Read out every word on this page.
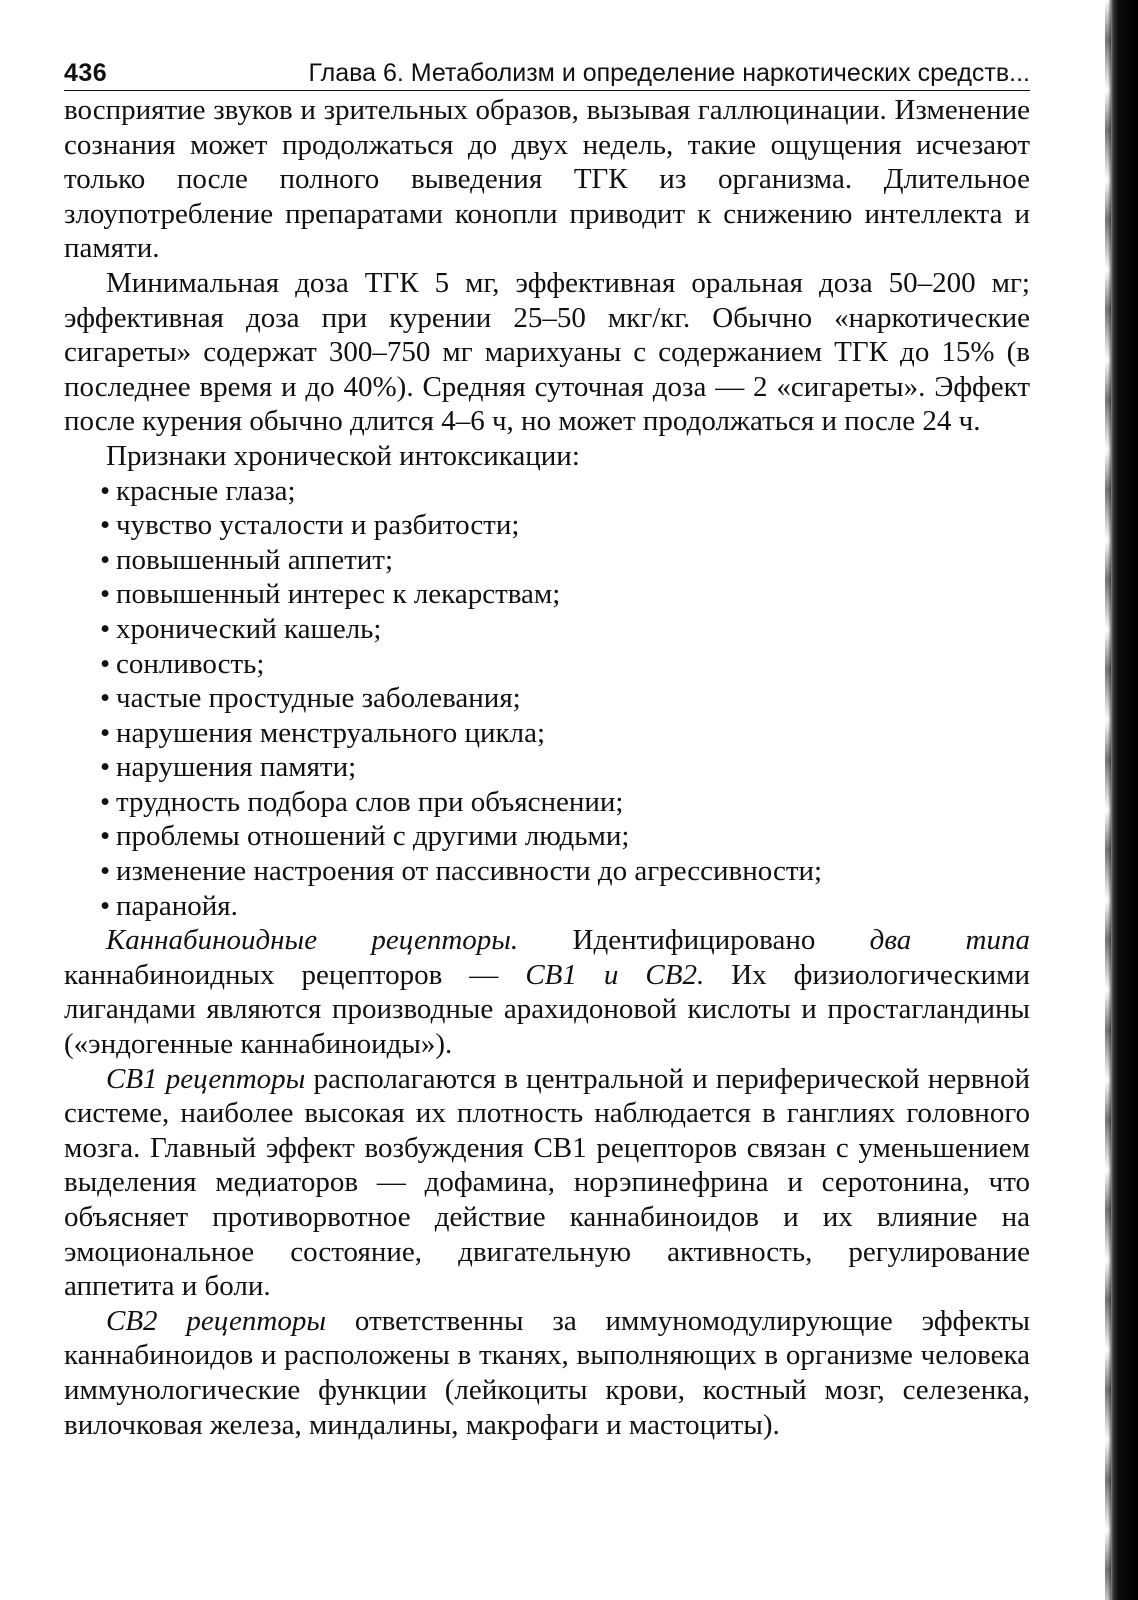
436	Глава 6. Метаболизм и определение наркотических средств...

восприятие звуков и зрительных образов, вызывая галлюцинации. Изменение сознания может продолжаться до двух недель, такие ощущения исчезают только после полного выведения ТГК из организма. Длительное злоупотребление препаратами конопли приводит к снижению интеллекта и памяти.

Минимальная доза ТГК 5 мг, эффективная оральная доза 50–200 мг; эффективная доза при курении 25–50 мкг/кг. Обычно «наркотические сигареты» содержат 300–750 мг марихуаны с содержанием ТГК до 15% (в последнее время и до 40%). Средняя суточная доза — 2 «сигареты». Эффект после курения обычно длится 4–6 ч, но может продолжаться и после 24 ч.

Признаки хронической интоксикации:

• красные глаза;
• чувство усталости и разбитости;
• повышенный аппетит;
• повышенный интерес к лекарствам;
• хронический кашель;
• сонливость;
• частые простудные заболевания;
• нарушения менструального цикла;
• нарушения памяти;
• трудность подбора слов при объяснении;
• проблемы отношений с другими людьми;
• изменение настроения от пассивности до агрессивности;
• паранойя.

Каннабиноидные рецепторы. Идентифицировано два типа каннабиноидных рецепторов — CB1 и CB2. Их физиологическими лигандами являются производные арахидоновой кислоты и простагландины («эндогенные каннабиноиды»).

CB1 рецепторы располагаются в центральной и периферической нервной системе, наиболее высокая их плотность наблюдается в ганглиях головного мозга. Главный эффект возбуждения CB1 рецепторов связан с уменьшением выделения медиаторов — дофамина, норэпинефрина и серотонина, что объясняет противорвотное действие каннабиноидов и их влияние на эмоциональное состояние, двигательную активность, регулирование аппетита и боли.

CB2 рецепторы ответственны за иммуномодулирующие эффекты каннабиноидов и расположены в тканях, выполняющих в организме человека иммунологические функции (лейкоциты крови, костный мозг, селезенка, вилочковая железа, миндалины, макрофаги и мастоциты).
